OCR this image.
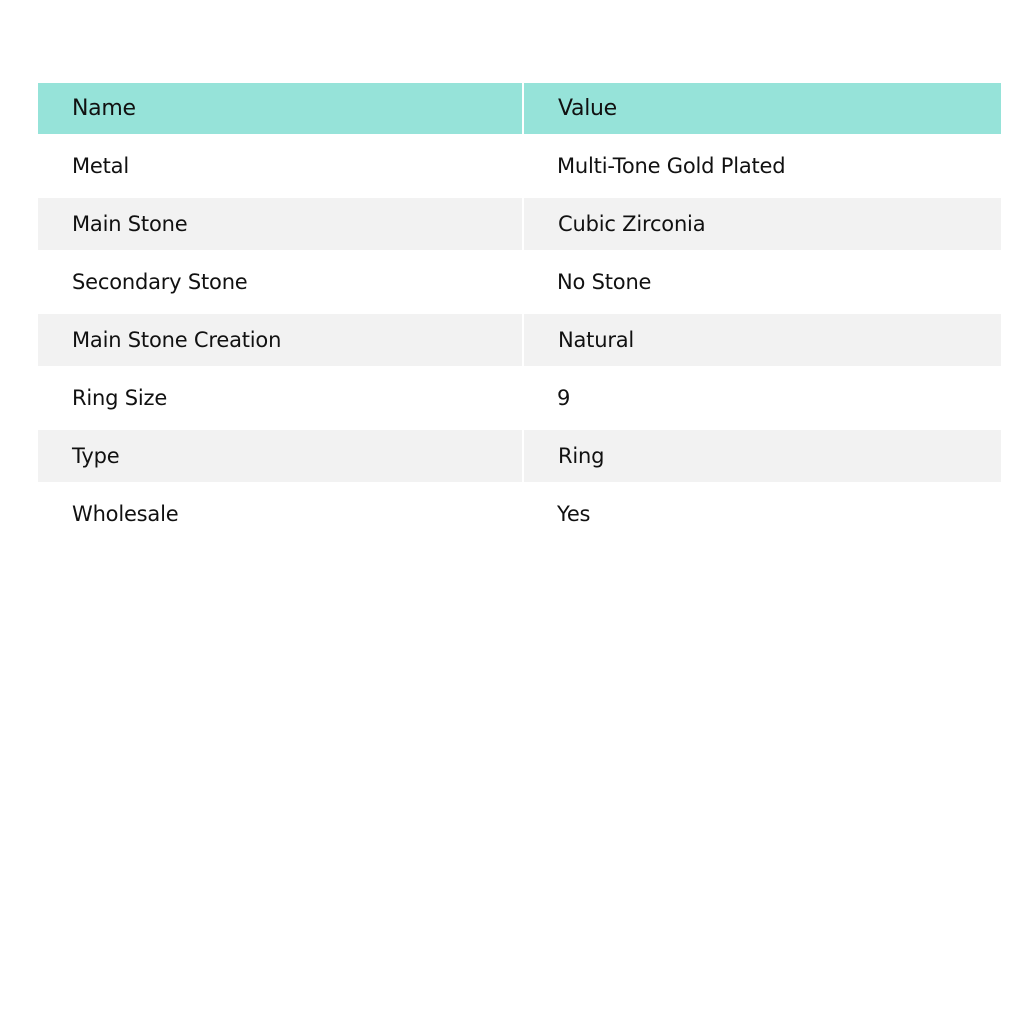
Name	Value
Metal	Multi-Tone Gold Plated
Main Stone	Cubic Zirconia
Secondary Stone	No Stone
Main Stone Creation	Natural
Ring Size	9
Type	Ring
Wholesale	Yes
